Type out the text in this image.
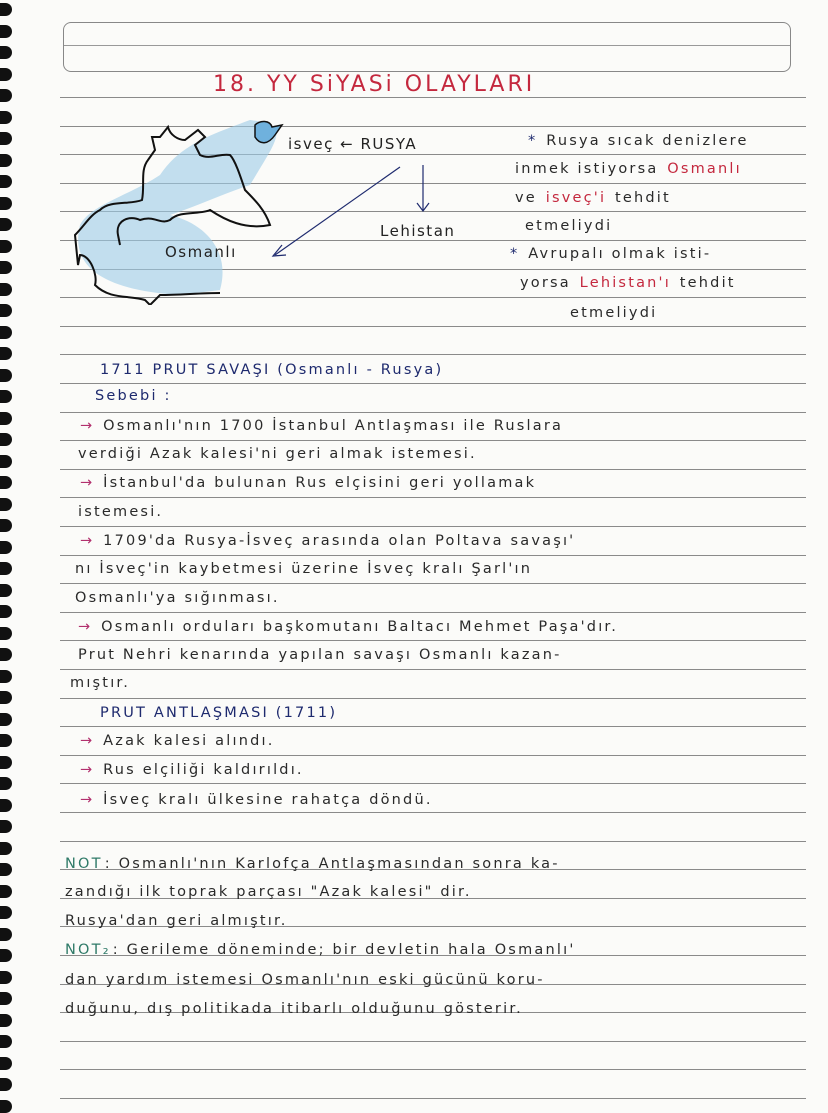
18. YY SiYASi OLAYLARI
isveç ← RUSYA
Lehistan
Osmanlı
* Rusya sıcak denizlere
inmek istiyorsa Osmanlı
ve isveç'i tehdit
etmeliydi
* Avrupalı olmak isti-
yorsa Lehistan'ı tehdit
etmeliydi
1711 PRUT SAVAŞI (Osmanlı - Rusya)
Sebebi :
→ Osmanlı'nın 1700 İstanbul Antlaşması ile Ruslara
verdiği Azak kalesi'ni geri almak istemesi.
→ İstanbul'da bulunan Rus elçisini geri yollamak
istemesi.
→ 1709'da Rusya-İsveç arasında olan Poltava savaşı'
nı İsveç'in kaybetmesi üzerine İsveç kralı Şarl'ın
Osmanlı'ya sığınması.
→ Osmanlı orduları başkomutanı Baltacı Mehmet Paşa'dır.
Prut Nehri kenarında yapılan savaşı Osmanlı kazan-
mıştır.
PRUT ANTLAŞMASI (1711)
→ Azak kalesi alındı.
→ Rus elçiliği kaldırıldı.
→ İsveç kralı ülkesine rahatça döndü.
NOT : Osmanlı'nın Karlofça Antlaşmasından sonra ka-
zandığı ilk toprak parçası "Azak kalesi" dir.
Rusya'dan geri almıştır.
NOT₂ : Gerileme döneminde; bir devletin hala Osmanlı'
dan yardım istemesi Osmanlı'nın eski gücünü koru-
duğunu, dış politikada itibarlı olduğunu gösterir.
